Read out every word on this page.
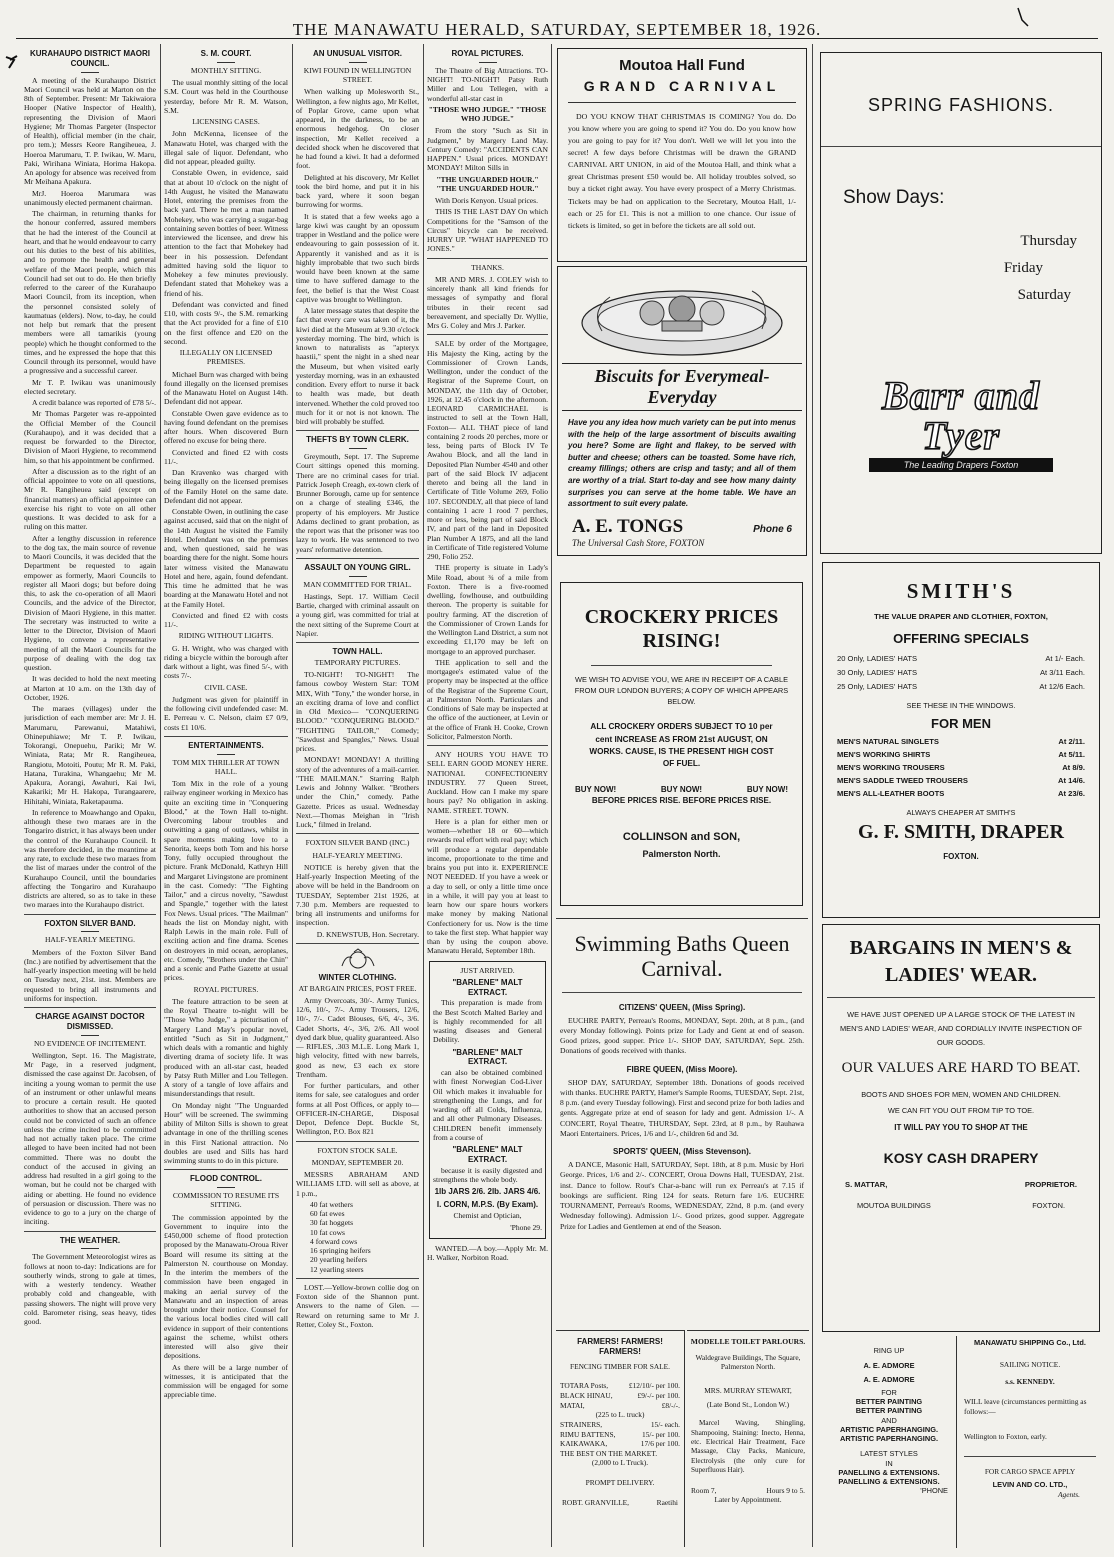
THE MANAWATU HERALD, SATURDAY, SEPTEMBER 18, 1926.
KURAHAUPO DISTRICT MAORI COUNCIL.

A meeting of the Kurahaupo District Maori Council was held at Marton on the 8th of September. Present: Mr Takiwaiora Hooper (Native Inspector of Health), representing the Division of Maori Hygiene; Mr Thomas Pargeter (Inspector of Health), official member (in the chair, pro tem.); Messrs Keore Rangiheuea, J. Hoeroa Marumaru, T. P. Iwikau, W. Maru, Paki, Wirihana Winiata, Horima Hakopa. An apology for absence was received from Mr Meihana Apakura.

MrJ. Hoeroa Marumara was unanimously elected permanent chairman.

The chairman, in returning thanks for the honour conferred, assured members that he had the interest of the Council at heart, and that he would endeavour to carry out his duties to the best of his abilities, and to promote the health and general welfare of the Maori people, which this Council had set out to do. He then briefly referred to the career of the Kurahaupo Maori Council, from its inception, when the personnel consisted solely of kaumatuas (elders). Now, to-day, he could not help but remark that the present members were all tamarikis (young people) which he thought conformed to the times, and he expressed the hope that this Council through its personnel, would have a progressive and a successful career.

Mr T. P. Iwikau was unanimously elected secretary.

A credit balance was reported of £78 5/-.

Mr Thomas Pargeter was re-appointed the Official Member of the Council (Kurahaupo), and it was decided that a request be forwarded to the Director, Division of Maori Hygiene, to recommend him, so that his appointment be confirmed.

After a discussion as to the right of an official appointee to vote on all questions, Mr R. Rangiheuea said (except on financial matters) an official appointee can exercise his right to vote on all other questions. It was decided to ask for a ruling on this matter.

After a lengthy discussion in reference to the dog tax, the main source of revenue to Maori Councils, it was decided that the Department be requested to again empower as formerly, Maori Councils to register all Maori dogs; but before doing this, to ask the co-operation of all Maori Councils, and the advice of the Director, Division of Maori Hygiene, in this matter. The secretary was instructed to write a letter to the Director, Division of Maori Hygiene, to convene a representative meeting of all the Maori Councils for the purpose of dealing with the dog tax question.

It was decided to hold the next meeting at Marton at 10 a.m. on the 13th day of October, 1926.

The maraes (villages) under the jurisdiction of each member are: Mr J. H. Marumaru, Parewanui, Matahiwi, Ohinepuhiawe; Mr T. P. Iwikau, Tokorangi, Onepuehu, Pariki; Mr W. Winiata, Rata; Mr R. Rangiheuea, Rangiotu, Motoiti, Poutu; Mr R. M. Paki, Hatana, Turakina, Whangaehu; Mr M. Apakura, Aorangi, Awahuri, Kai Iwi, Kakariki; Mr H. Hakopa, Turangaarere, Hihitahi, Winiata, Raketapauma.

In reference to Moawhango and Opaku, although these two maraes are in the Tongariro district, it has always been under the control of the Kurahaupo Council. It was therefore decided, in the meantime at any rate, to exclude these two maraes from the list of maraes under the control of the Kurahaupo Council, until the boundaries affecting the Tongariro and Kurahaupo districts are altered, so as to take in these two maraes into the Kurahaupo district.

FOXTON SILVER BAND.
HALF-YEARLY MEETING.

Members of the Foxton Silver Band (Inc.) are notified by advertisement that the half-yearly inspection meeting will be held on Tuesday next, 21st. inst. Members are requested to bring all instruments and uniforms for inspection.

CHARGE AGAINST DOCTOR DISMISSED.
NO EVIDENCE OF INCITEMENT.

Wellington, Sept. 16. The Magistrate, Mr Page, in a reserved judgment, dismissed the case against Dr. Jacobsen, of inciting a young woman to permit the use of an instrument or other unlawful means to procure a certain result. He quoted authorities to show that an accused person could not be convicted of such an offence unless the crime incited to be committed had not actually taken place. The crime alleged to have been incited had not been committed. There was no doubt the conduct of the accused in giving an address had resulted in a girl going to the woman, but he could not be charged with aiding or abetting. He found no evidence of persuasion or discussion. There was no evidence to go to a jury on the charge of inciting.

THE WEATHER.

The Government Meteorologist wires as follows at noon to-day: Indications are for southerly winds, strong to gale at times, with a westerly tendency. Weather probably cold and changeable, with passing showers. The night will prove very cold. Barometer rising, seas heavy, tides good.

S. M. COURT.
MONTHLY SITTING.

The usual monthly sitting of the local S.M. Court was held in the Courthouse yesterday, before Mr R. M. Watson, S.M.

LICENSING CASES.

John McKenna, licensee of the Manawatu Hotel, was charged with the illegal sale of liquor. Defendant, who did not appear, pleaded guilty.

Constable Owen, in evidence, said that at about 10 o'clock on the night of 14th August, he visited the Manawatu Hotel, entering the premises from the back yard. There he met a man named Mohekey, who was carrying a sugar-bag containing seven bottles of beer. Witness interviewed the licensee, and drew his attention to the fact that Mohekey had beer in his possession. Defendant admitted having sold the liquor to Mohekey a few minutes previously. Defendant stated that Mohekey was a friend of his.

Defendant was convicted and fined £10, with costs 9/-, the S.M. remarking that the Act provided for a fine of £10 on the first offence and £20 on the second.

ILLEGALLY ON LICENSED PREMISES.

Michael Burn was charged with being found illegally on the licensed premises of the Manawatu Hotel on August 14th. Defendant did not appear.

Constable Owen gave evidence as to having found defendant on the premises after hours. When discovered Burn offered no excuse for being there.

Convicted and fined £2 with costs 11/-.

Dan Kravenko was charged with being illegally on the licensed premises of the Family Hotel on the same date. Defendant did not appear.

Constable Owen, in outlining the case against accused, said that on the night of the 14th August he visited the Family Hotel. Defendant was on the premises and, when questioned, said he was boarding there for the night. Some hours later witness visited the Manawatu Hotel and here, again, found defendant. This time he admitted that he was boarding at the Manawatu Hotel and not at the Family Hotel.

Convicted and fined £2 with costs 11/-.

RIDING WITHOUT LIGHTS.

G. H. Wright, who was charged with riding a bicycle within the borough after dark without a light, was fined 5/-, with costs 7/-.

CIVIL CASE.

Judgment was given for plaintiff in the following civil undefended case: M. E. Perreau v. C. Nelson, claim £7 0/9, costs £1 10/6.

ENTERTAINMENTS.
TOM MIX THRILLER AT TOWN HALL.

Tom Mix in the role of a young railway engineer working in Mexico has quite an exciting time in "Conquering Blood," at the Town Hall to-night. Overcoming labour troubles and outwitting a gang of outlaws, whilst in spare moments making love to a Senorita, keeps both Tom and his horse Tony, fully occupied throughout the picture. Frank McDonald, Kathryn Hill and Margaret Livingstone are prominent in the cast. Comedy: "The Fighting Tailor," and a circus novelty, "Sawdust and Spangle," together with the latest Fox News. Usual prices. "The Mailman" heads the list on Monday night, with Ralph Lewis in the main role. Full of exciting action and fine drama. Scenes on destroyers in mid ocean, aeroplanes, etc. Comedy, "Brothers under the Chin" and a scenic and Pathe Gazette at usual prices.

ROYAL PICTURES.

The feature attraction to be seen at the Royal Theatre to-night will be "Those Who Judge," a picturisation of Margery Land May's popular novel, entitled "Such as Sit in Judgment," which deals with a romantic and highly diverting drama of society life. It was produced with an all-star cast, headed by Patsy Ruth Miller and Lou Tellegen. A story of a tangle of love affairs and misunderstandings that result.

On Monday night "The Unguarded Hour" will be screened. The swimming ability of Milton Sills is shown to great advantage in one of the thrilling scenes in this First National attraction. No doubles are used and Sills has hard swimming stunts to do in this picture.

FLOOD CONTROL.
COMMISSION TO RESUME ITS SITTING.

The commission appointed by the Government to inquire into the £450,000 scheme of flood protection proposed by the Manawatu-Oroua River Board will resume its sitting at the Palmerston N. courthouse on Monday. In the interim the members of the commission have been engaged in making an aerial survey of the Manawatu and an inspection of areas brought under their notice. Counsel for the various local bodies cited will call evidence in support of their contentions against the scheme, whilst others interested will also give their depositions.

As there will be a large number of witnesses, it is anticipated that the commission will be engaged for some appreciable time.

AN UNUSUAL VISITOR.
KIWI FOUND IN WELLINGTON STREET.

When walking up Molesworth St., Wellington, a few nights ago, Mr Kellet, of Poplar Grove, came upon what appeared, in the darkness, to be an enormous hedgehog. On closer inspection, Mr Kellet received a decided shock when he discovered that he had found a kiwi. It had a deformed foot.

Delighted at his discovery, Mr Kellet took the bird home, and put it in his back yard, where it soon began burrowing for worms.

It is stated that a few weeks ago a large kiwi was caught by an opossum trapper in Westland and the police were endeavouring to gain possession of it. Apparently it vanished and as it is highly improbable that two such birds would have been known at the same time to have suffered damage to the feet, the belief is that the West Coast captive was brought to Wellington.

A later message states that despite the fact that every care was taken of it, the kiwi died at the Museum at 9.30 o'clock yesterday morning. The bird, which is known to naturalists as "apteryx haastii," spent the night in a shed near the Museum, but when visited early yesterday morning, was in an exhausted condition. Every effort to nurse it back to health was made, but death intervened. Whether the cold proved too much for it or not is not known. The bird will probably be stuffed.

THEFTS BY TOWN CLERK.

Greymouth, Sept. 17. The Supreme Court sittings opened this morning. There are no criminal cases for trial. Patrick Joseph Creagh, ex-town clerk of Brunner Borough, came up for sentence on a charge of stealing £346, the property of his employers. Mr Justice Adams declined to grant probation, as the report was that the prisoner was too lazy to work. He was sentenced to two years' reformative detention.

ASSAULT ON YOUNG GIRL.
MAN COMMITTED FOR TRIAL.

Hastings, Sept. 17. William Cecil Bartie, charged with criminal assault on a young girl, was committed for trial at the next sitting of the Supreme Court at Napier.

TOWN HALL.
TEMPORARY PICTURES.

TO-NIGHT! TO-NIGHT! The famous cowboy Western Star: TOM MIX, With "Tony," the wonder horse, in an exciting drama of love and conflict in Old Mexico— "CONQUERING BLOOD." "CONQUERING BLOOD." "FIGHTING TAILOR," Comedy; "Sawdust and Spangles," News. Usual prices.

MONDAY! MONDAY! A thrilling story of the adventures of a mail-carrier. "THE MAILMAN." Starring Ralph Lewis and Johnny Walker. "Brothers under the Chin," comedy. Pathe Gazette. Prices as usual. Wednesday Next.—Thomas Meighan in "Irish Luck," filmed in Ireland.

FOXTON SILVER BAND (INC.)
HALF-YEARLY MEETING.

NOTICE is hereby given that the Half-yearly Inspection Meeting of the above will be held in the Bandroom on TUESDAY, September 21st 1926, at 7.30 p.m. Members are requested to bring all instruments and uniforms for inspection.

D. KNEWSTUB, Hon. Secretary.
WINTER CLOTHING.
AT BARGAIN PRICES, POST FREE.

Army Overcoats, 30/-. Army Tunics, 12/6, 10/-, 7/-. Army Trousers, 12/6, 10/-, 7/-. Cadet Blouses, 6/6, 4/-, 3/6. Cadet Shorts, 4/-, 3/6, 2/6. All wool dyed dark blue, quality guaranteed. Also— RIFLES, .303 M.L.E. Long Mark 1, high velocity, fitted with new barrels, good as new, £3 each ex store Trentham.

For further particulars, and other items for sale, see catalogues and order forms at all Post Offices, or apply to— OFFICER-IN-CHARGE, Disposal Depot, Defence Dept. Buckle St, Wellington, P.O. Box 821

FOXTON STOCK SALE.
MONDAY, SEPTEMBER 20.

MESSRS ABRAHAM AND WILLIAMS LTD. will sell as above, at 1 p.m.,

40 fat wethers
60 fat ewes
30 fat hoggets
10 fat cows
4 forward cows
16 springing heifers
20 yearling heifers
12 yearling steers

LOST.—Yellow-brown collie dog on Foxton side of the Shannon punt. Answers to the name of Glen. —Reward on returning same to Mr J. Retter, Coley St., Foxton.

ROYAL PICTURES.

The Theatre of Big Attractions. TO-NIGHT! TO-NIGHT! Patsy Ruth Miller and Lou Tellegen, with a wonderful all-star cast in

"THOSE WHO JUDGE." "THOSE WHO JUDGE."

From the story "Such as Sit in Judgment," by Margery Land May. Century Comedy: "ACCIDENTS CAN HAPPEN." Usual prices. MONDAY! MONDAY! Milton Sills in

"THE UNGUARDED HOUR." "THE UNGUARDED HOUR."

With Doris Kenyon. Usual prices.

THIS IS THE LAST DAY On which Competitions for the "Samson of the Circus" bicycle can be received. HURRY UP. "WHAT HAPPENED TO JONES."

THANKS.

MR AND MRS. J. COLEY wish to sincerely thank all kind friends for messages of sympathy and floral tributes in their recent sad bereavement, and specially Dr. Wyllie, Mrs G. Coley and Mrs J. Parker.

SALE by order of the Mortgagee, His Majesty the King, acting by the Commissioner of Crown Lands, Wellington, under the conduct of the Registrar of the Supreme Court, on MONDAY, the 11th day of October, 1926, at 12.45 o'clock in the afternoon. LEONARD CARMICHAEL is instructed to sell at the Town Hall, Foxton— ALL THAT piece of land containing 2 roods 20 perches, more or less, being parts of Block IV Te Awahou Block, and all the land in Deposited Plan Number 4540 and other part of the said Block IV adjacent thereto and being all the land in Certificate of Title Volume 269, Folio 107. SECONDLY, all that piece of land containing 1 acre 1 rood 7 perches, more or less, being part of said Block IV, and part of the land in Deposited Plan Number A 1875, and all the land in Certificate of Title registered Volume 290, Folio 252.

THE property is situate in Lady's Mile Road, about ¾ of a mile from Foxton. There is a five-roomed dwelling, fowlhouse, and outbuilding thereon. The property is suitable for poultry farming. AT the discretion of the Commissioner of Crown Lands for the Wellington Land District, a sum not exceeding £1,170 may be left on mortgage to an approved purchaser.

THE application to sell and the mortgagee's estimated value of the property may be inspected at the office of the Registrar of the Supreme Court, at Palmerston North. Particulars and Conditions of Sale may be inspected at the office of the auctioneer, at Levin or at the office of Frank H. Cooke, Crown Solicitor, Palmerston North.

ANY HOURS YOU HAVE TO SELL EARN GOOD MONEY HERE. NATIONAL CONFECTIONERY INDUSTRY. 77 Queen Street, Auckland. How can I make my spare hours pay? No obligation in asking. NAME. STREET. TOWN.

Here is a plan for either men or women—whether 18 or 60—which rewards real effort with real pay; which will produce a regular dependable income, proportionate to the time and brains you put into it. EXPERIENCE NOT NEEDED. If you have a week or a day to sell, or only a little time once in a while, it will pay you at least to learn how our spare hours workers make money by making National Confectionery for us. Now is the time to take the first step. What happier way than by using the coupon above. Manawatu Herald, September 18th.

JUST ARRIVED.
"BARLENE" MALT EXTRACT.

This preparation is made from the Best Scotch Malted Barley and is highly recommended for all wasting diseases and General Debility.

"BARLENE" MALT EXTRACT.

can also be obtained combined with finest Norwegian Cod-Liver Oil which makes it invaluable for strengthening the Lungs, and for warding off all Colds, Influenza, and all other Pulmonary Diseases. CHILDREN benefit immensely from a course of

"BARLENE" MALT EXTRACT.

because it is easily digested and strengthens the whole body.

1lb JARS 2/6. 2lb. JARS 4/6.
I. CORN, M.P.S. (By Exam).
Chemist and Optician,
'Phone 29.

WANTED.—A boy.—Apply Mr. M. H. Walker, Norbiton Road.

Moutoa Hall Fund
GRAND CARNIVAL

DO YOU KNOW THAT CHRISTMAS IS COMING? You do. Do you know where you are going to spend it? You do. Do you know how you are going to pay for it? You don't. Well we will let you into the secret! A few days before Christmas will be drawn the GRAND CARNIVAL ART UNION, in aid of the Moutoa Hall, and think what a great Christmas present £50 would be. All holiday troubles solved, so buy a ticket right away. You have every prospect of a Merry Christmas. Tickets may be had on application to the Secretary, Moutoa Hall, 1/- each or 25 for £1. This is not a million to one chance. Our issue of tickets is limited, so get in before the tickets are all sold out.

Biscuits for Everymeal-Everyday

Have you any idea how much variety can be put into menus with the help of the large assortment of biscuits awaiting you here? Some are light and flakey, to be served with butter and cheese; others can be toasted. Some have rich, creamy fillings; others are crisp and tasty; and all of them are worthy of a trial. Start to-day and see how many dainty surprises you can serve at the home table. We have an assortment to suit every palate.

A. E. TONGS	Phone 6
The Universal Cash Store, FOXTON
CROCKERY PRICES RISING!
WE WISH TO ADVISE YOU, WE ARE IN RECEIPT OF A CABLE FROM OUR LONDON BUYERS; A COPY OF WHICH APPEARS BELOW.
ALL CROCKERY ORDERS SUBJECT TO 10 per cent INCREASE AS FROM 21st AUGUST, ON WORKS. CAUSE, IS THE PRESENT HIGH COST OF FUEL.
BUY NOW!	BUY NOW!	BUY NOW!
BEFORE PRICES RISE. BEFORE PRICES RISE.
COLLINSON and SON,
Palmerston North.
Swimming Baths Queen Carnival.
CITIZENS' QUEEN, (Miss Spring).

EUCHRE PARTY, Perreau's Rooms, MONDAY, Sept. 20th, at 8 p.m., (and every Monday following). Points prize for Lady and Gent at end of season. Good prizes, good supper. Price 1/-. SHOP DAY, SATURDAY, Sept. 25th. Donations of goods received with thanks.

FIBRE QUEEN, (Miss Moore).

SHOP DAY, SATURDAY, September 18th. Donations of goods received with thanks. EUCHRE PARTY, Hamer's Sample Rooms, TUESDAY, Sept. 21st, 8 p.m. (and every Tuesday following). First and second prize for both ladies and gents. Aggregate prize at end of season for lady and gent. Admission 1/-. A CONCERT, Royal Theatre, THURSDAY, Sept. 23rd, at 8 p.m., by Rauhawa Maori Entertainers. Prices, 1/6 and 1/-, children 6d and 3d.

SPORTS' QUEEN, (Miss Stevenson).

A DANCE, Masonic Hall, SATURDAY, Sept. 18th, at 8 p.m. Music by Hori George. Prices, 1/6 and 2/-. CONCERT, Oroua Downs Hall, TUESDAY, 21st. inst. Dance to follow. Rout's Char-a-banc will run ex Perreau's at 7.15 if bookings are sufficient. Ring 124 for seats. Return fare 1/6. EUCHRE TOURNAMENT, Perreau's Rooms, WEDNESDAY, 22nd, 8 p.m. (and every Wednesday following). Admission 1/-. Good prizes, good supper. Aggregate Prize for Ladies and Gentlemen at end of the Season.

FARMERS! FARMERS! FARMERS!
FENCING TIMBER FOR SALE.
TOTARA Posts,	£12/10/- per 100.
BLACK HINAU,	£9/-/- per 100.
MATAI,	£8/-/-.
(225 to L. truck)
STRAINERS,	15/- each.
RIMU BATTENS,	15/- per 100.
KAIKAWAKA,	17/6 per 100.
THE BEST ON THE MARKET.
(2,000 to L Truck).
PROMPT DELIVERY.
ROBT. GRANVILLE,	Raetihi
MODELLE TOILET PARLOURS.
Waldegrave Buildings, The Square, Palmerston North.
MRS. MURRAY STEWART,
(Late Bond St., London W.)

Marcel Waving, Shingling, Shampooing, Staining: Inecto, Henna, etc. Electrical Hair Treatment, Face Massage, Clay Packs, Manicure, Electrolysis (the only cure for Superfluous Hair).

Room 7,	Hours 9 to 5.
Later by Appointment.
SPRING FASHIONS.
Show Days:
Thursday
Friday
Saturday
Barr and Tyer
The Leading Drapers Foxton
SMITH'S
THE VALUE DRAPER AND CLOTHIER, FOXTON,
OFFERING SPECIALS
20 Only, LADIES' HATS	At 1/- Each.
30 Only, LADIES' HATS	At 3/11 Each.
25 Only, LADIES' HATS	At 12/6 Each.
SEE THESE IN THE WINDOWS.
FOR MEN
MEN'S NATURAL SINGLETS	At 2/11.
MEN'S WORKING SHIRTS	At 5/11.
MEN'S WORKING TROUSERS	At 8/9.
MEN'S SADDLE TWEED TROUSERS	At 14/6.
MEN'S ALL-LEATHER BOOTS	At 23/6.
ALWAYS CHEAPER AT SMITH'S
G. F. SMITH, DRAPER
FOXTON.
BARGAINS IN MEN'S & LADIES' WEAR.
WE HAVE JUST OPENED UP A LARGE STOCK OF THE LATEST IN MEN'S AND LADIES' WEAR, AND CORDIALLY INVITE INSPECTION OF OUR GOODS.
OUR VALUES ARE HARD TO BEAT.
BOOTS AND SHOES FOR MEN, WOMEN AND CHILDREN.
WE CAN FIT YOU OUT FROM TIP TO TOE.
IT WILL PAY YOU TO SHOP AT THE
KOSY CASH DRAPERY
S. MATTAR,	PROPRIETOR.
MOUTOA BUILDINGS	FOXTON.
RING UP
A. E. ADMORE
A. E. ADMORE
FOR
BETTER PAINTING
BETTER PAINTING
AND
ARTISTIC PAPERHANGING.
ARTISTIC PAPERHANGING.
LATEST STYLES
IN
PANELLING & EXTENSIONS.
PANELLING & EXTENSIONS.
'PHONE
MANAWATU SHIPPING Co., Ltd.
SAILING NOTICE.
s.s. KENNEDY.
WILL leave (circumstances permitting as follows:—
Wellington to Foxton, early.
FOR CARGO SPACE APPLY
LEVIN AND CO. LTD.,
Agents.
